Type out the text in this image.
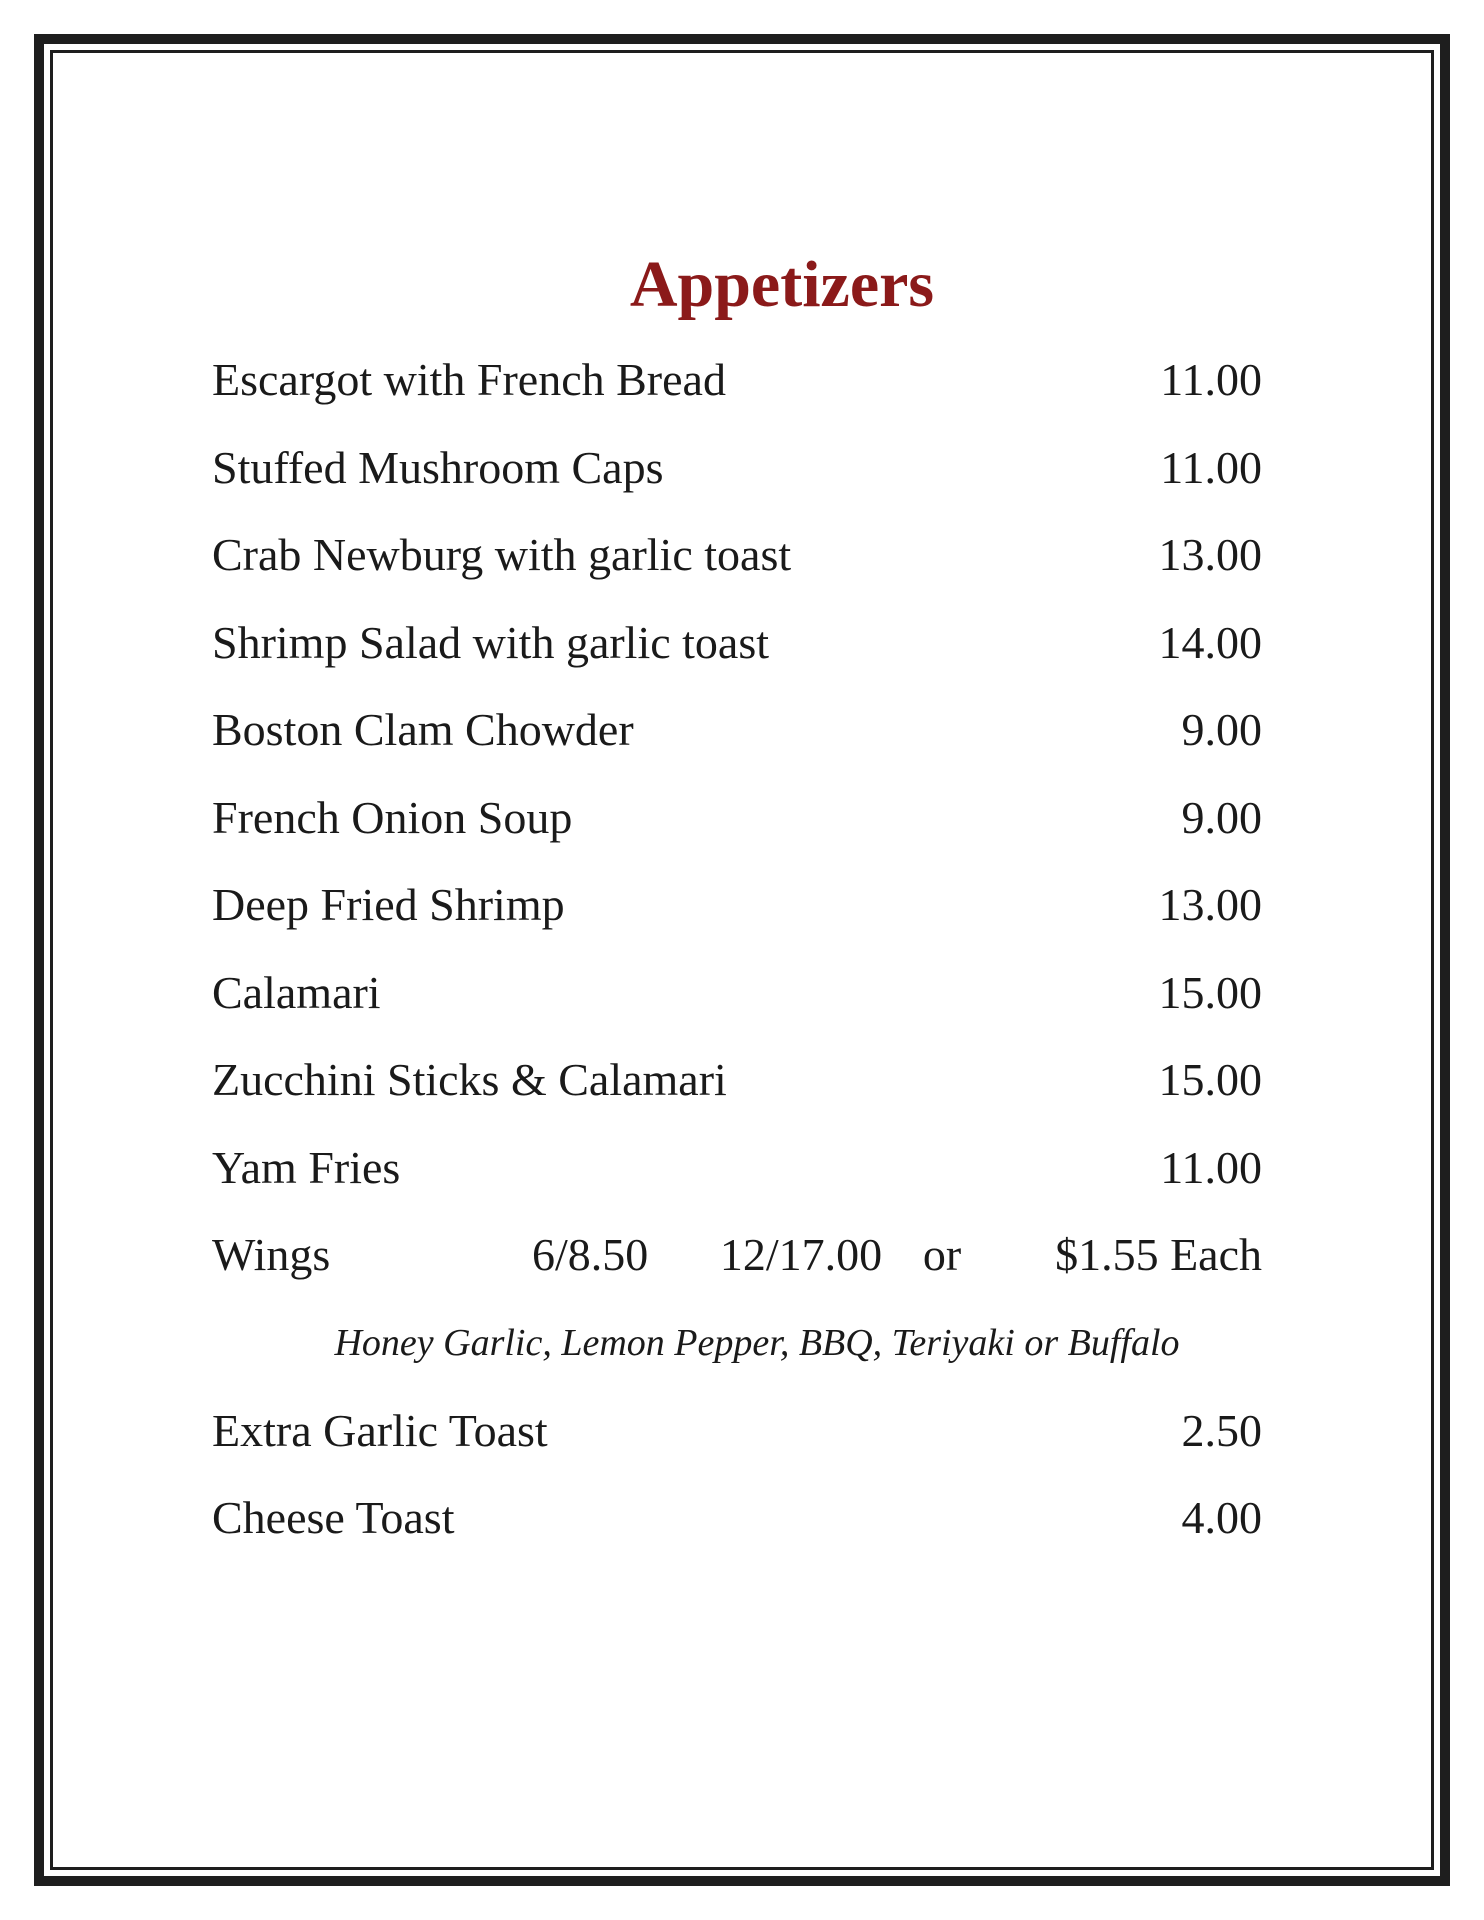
Appetizers
Escargot with French Bread	11.00
Stuffed Mushroom Caps	11.00
Crab Newburg with garlic toast	13.00
Shrimp Salad with garlic toast	14.00
Boston Clam Chowder	9.00
French Onion Soup	9.00
Deep Fried Shrimp	13.00
Calamari	15.00
Zucchini Sticks & Calamari	15.00
Yam Fries	11.00
Wings	6/8.50	12/17.00 or	$1.55 Each
Honey Garlic, Lemon Pepper, BBQ, Teriyaki or Buffalo
Extra Garlic Toast	2.50
Cheese Toast	4.00
